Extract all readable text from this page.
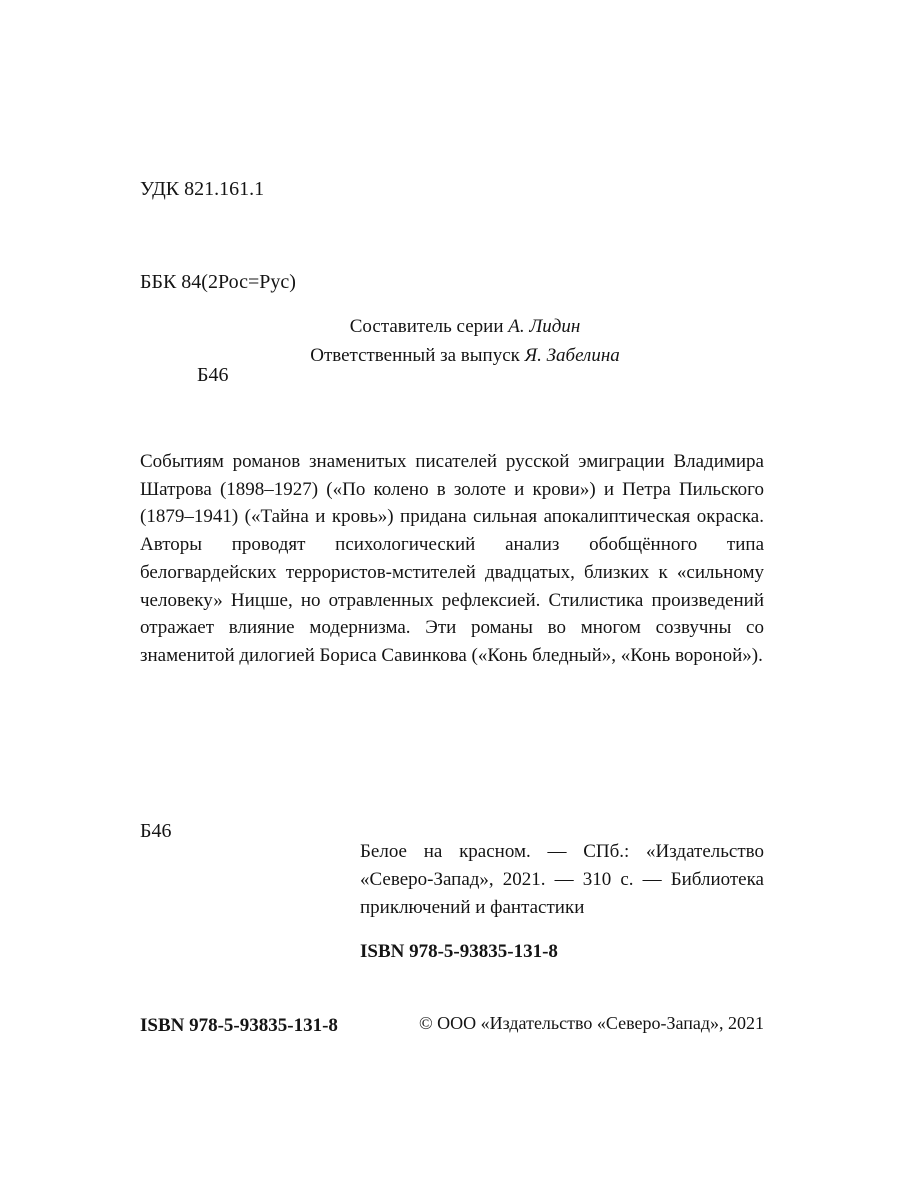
УДК 821.161.1

ББК 84(2Рос=Рус)

Б46

Составитель серии А. Лидин
Ответственный за выпуск Я. Забелина
Событиям романов знаменитых писателей русской эмиграции Владимира Шатрова (1898–1927) («По колено в золоте и крови») и Петра Пильского (1879–1941) («Тайна и кровь») придана сильная апокалиптическая окраска. Авторы проводят психологический анализ обобщённого типа белогвардейских террористов-мстителей двадцатых, близких к «сильному человеку» Ницше, но отравленных рефлексией. Стилистика произведений отражает влияние модернизма. Эти романы во многом созвучны со знаменитой дилогией Бориса Савинкова («Конь бледный», «Конь вороной»).
Б46
Белое на красном. — СПб.: «Издательство «Северо-Запад», 2021. — 310 с. — Библиотека приключений и фантастики
ISBN 978-5-93835-131-8
ISBN 978-5-93835-131-8	© ООО «Издательство «Северо-Запад», 2021
